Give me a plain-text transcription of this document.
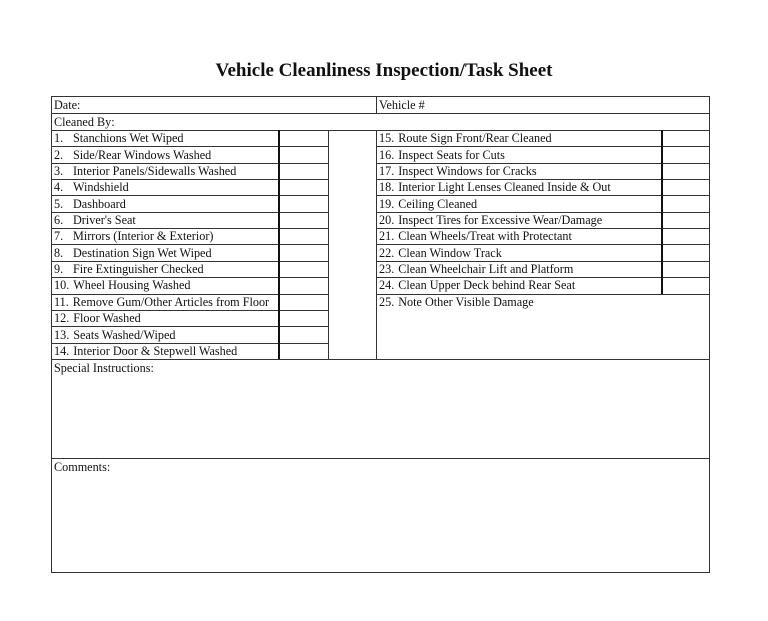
Vehicle Cleanliness Inspection/Task Sheet
Date:	Vehicle #
Cleaned By:
1. Stanchions Wet Wiped
2. Side/Rear Windows Washed
3. Interior Panels/Sidewalls Washed
4. Windshield
5. Dashboard
6. Driver's Seat
7. Mirrors (Interior & Exterior)
8. Destination Sign Wet Wiped
9. Fire Extinguisher Checked
10. Wheel Housing Washed
11. Remove Gum/Other Articles from Floor
12. Floor Washed
13. Seats Washed/Wiped
14. Interior Door & Stepwell Washed
15. Route Sign Front/Rear Cleaned
16. Inspect Seats for Cuts
17. Inspect Windows for Cracks
18. Interior Light Lenses Cleaned Inside & Out
19. Ceiling Cleaned
20. Inspect Tires for Excessive Wear/Damage
21. Clean Wheels/Treat with Protectant
22. Clean Window Track
23. Clean Wheelchair Lift and Platform
24. Clean Upper Deck behind Rear Seat
25. Note Other Visible Damage
Special Instructions:
Comments:
